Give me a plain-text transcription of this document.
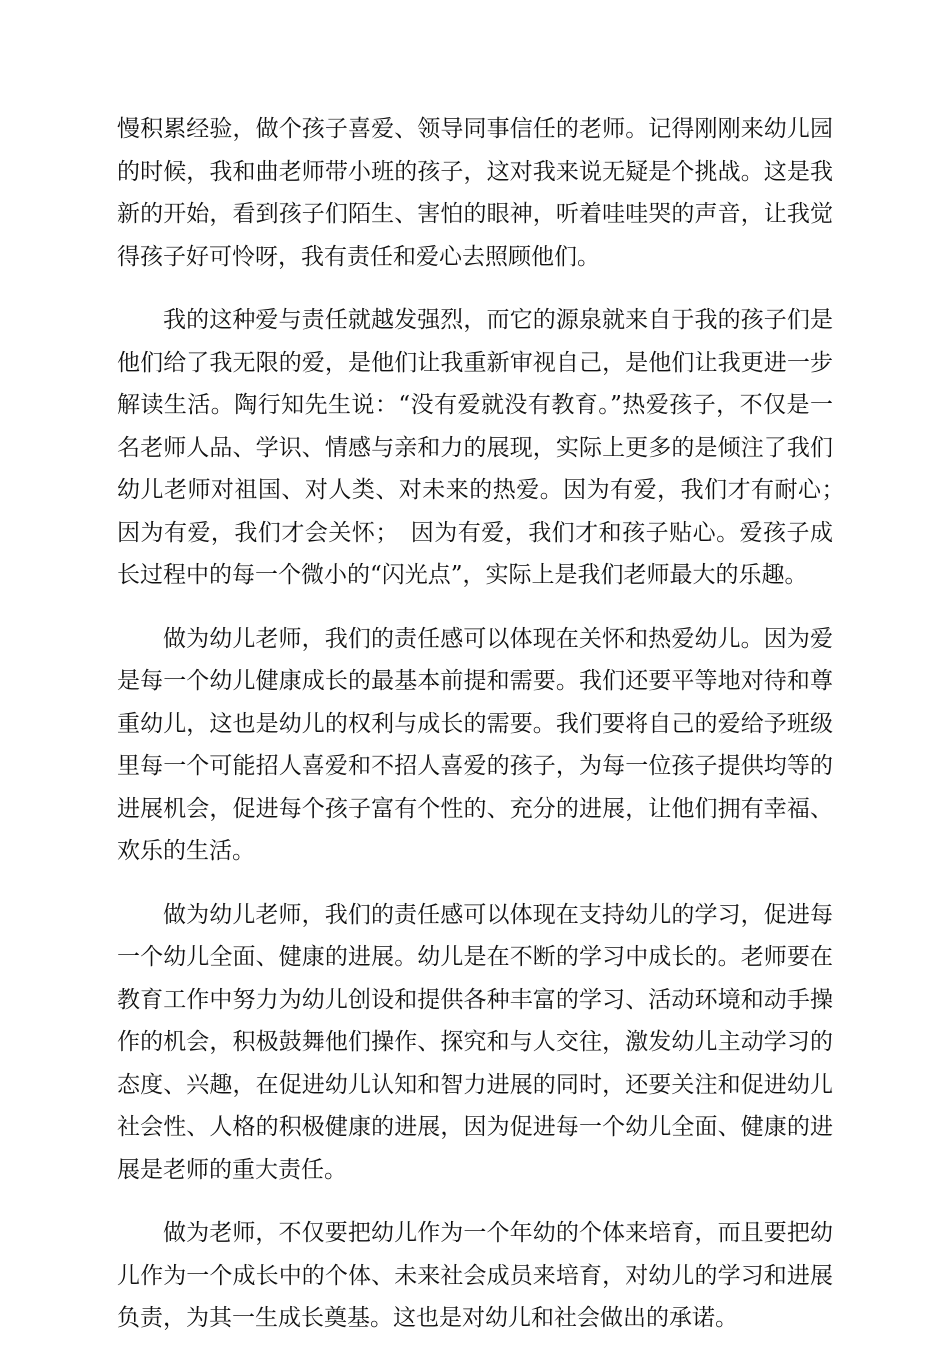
慢积累经验，做个孩子喜爱、领导同事信任的老师。记得刚刚来幼儿园的时候，我和曲老师带小班的孩子，这对我来说无疑是个挑战。这是我新的开始，看到孩子们陌生、害怕的眼神，听着哇哇哭的声音，让我觉得孩子好可怜呀，我有责任和爱心去照顾他们。

我的这种爱与责任就越发强烈，而它的源泉就来自于我的孩子们是他们给了我无限的爱，是他们让我重新审视自己，是他们让我更进一步解读生活。陶行知先生说：“没有爱就没有教育。”热爱孩子，不仅是一名老师人品、学识、情感与亲和力的展现，实际上更多的是倾注了我们幼儿老师对祖国、对人类、对未来的热爱。因为有爱，我们才有耐心；　因为有爱，我们才会关怀；　因为有爱，我们才和孩子贴心。爱孩子成长过程中的每一个微小的“闪光点”，实际上是我们老师最大的乐趣。

做为幼儿老师，我们的责任感可以体现在关怀和热爱幼儿。因为爱是每一个幼儿健康成长的最基本前提和需要。我们还要平等地对待和尊重幼儿，这也是幼儿的权利与成长的需要。我们要将自己的爱给予班级里每一个可能招人喜爱和不招人喜爱的孩子，为每一位孩子提供均等的进展机会，促进每个孩子富有个性的、充分的进展，让他们拥有幸福、欢乐的生活。

做为幼儿老师，我们的责任感可以体现在支持幼儿的学习，促进每一个幼儿全面、健康的进展。幼儿是在不断的学习中成长的。老师要在教育工作中努力为幼儿创设和提供各种丰富的学习、活动环境和动手操作的机会，积极鼓舞他们操作、探究和与人交往，激发幼儿主动学习的态度、兴趣，在促进幼儿认知和智力进展的同时，还要关注和促进幼儿社会性、人格的积极健康的进展，因为促进每一个幼儿全面、健康的进展是老师的重大责任。

做为老师，不仅要把幼儿作为一个年幼的个体来培育，而且要把幼儿作为一个成长中的个体、未来社会成员来培育，对幼儿的学习和进展负责，为其一生成长奠基。这也是对幼儿和社会做出的承诺。
